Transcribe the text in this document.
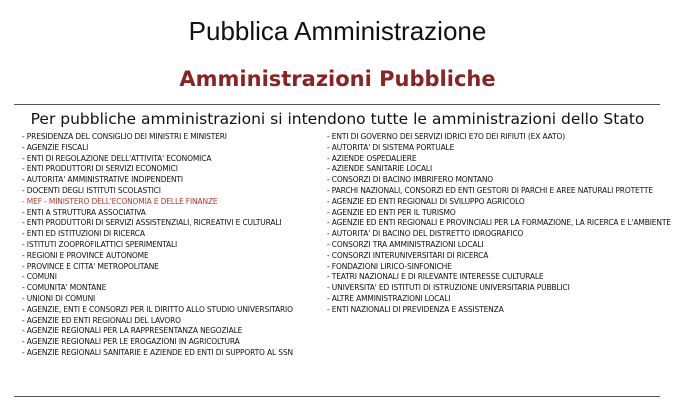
Pubblica Amministrazione
Amministrazioni Pubbliche
Per pubbliche amministrazioni si intendono tutte le amministrazioni dello Stato
- PRESIDENZA DEL CONSIGLIO DEI MINISTRI E MINISTERI
- AGENZIE FISCALI
- ENTI DI REGOLAZIONE DELL'ATTIVITA' ECONOMICA
- ENTI PRODUTTORI DI SERVIZI ECONOMICI
- AUTORITA' AMMINISTRATIVE INDIPENDENTI
- DOCENTI DEGLI ISTITUTI SCOLASTICI
- MEF - MINISTERO DELL'ECONOMIA E DELLE FINANZE
- ENTI A STRUTTURA ASSOCIATIVA
- ENTI PRODUTTORI DI SERVIZI ASSISTENZIALI, RICREATIVI E CULTURALI
- ENTI ED ISTITUZIONI DI RICERCA
- ISTITUTI ZOOPROFILATTICI SPERIMENTALI
- REGIONI E PROVINCE AUTONOME
- PROVINCE E CITTA' METROPOLITANE
- COMUNI
- COMUNITA' MONTANE
- UNIONI DI COMUNI
- AGENZIE, ENTI E CONSORZI PER IL DIRITTO ALLO STUDIO UNIVERSITARIO
- AGENZIE ED ENTI REGIONALI DEL LAVORO
- AGENZIE REGIONALI PER LA RAPPRESENTANZA NEGOZIALE
- AGENZIE REGIONALI PER LE EROGAZIONI IN AGRICOLTURA
- AGENZIE REGIONALI SANITARIE E AZIENDE ED ENTI DI SUPPORTO AL SSN
- ENTI DI GOVERNO DEI SERVIZI IDRICI E7O DEI RIFIUTI (EX AATO)
- AUTORITA' DI SISTEMA PORTUALE
- AZIENDE OSPEDALIERE
- AZIENDE SANITARIE LOCALI
- CONSORZI DI BACINO IMBRIFERO MONTANO
- PARCHI NAZIONALI, CONSORZI ED ENTI GESTORI DI PARCHI E AREE NATURALI PROTETTE
- AGENZIE ED ENTI REGIONALI DI SVILUPPO AGRICOLO
- AGENZIE ED ENTI PER IL TURISMO
- AGENZIE ED ENTI REGIONALI E PROVINCIALI PER LA FORMAZIONE, LA RICERCA E L'AMBIENTE
- AUTORITA' DI BACINO DEL DISTRETTO IDROGRAFICO
- CONSORZI TRA AMMINISTRAZIONI LOCALI
- CONSORZI INTERUNIVERSITARI DI RICERCA
- FONDAZIONI LIRICO-SINFONICHE
- TEATRI NAZIONALI E DI RILEVANTE INTERESSE CULTURALE
- UNIVERSITA' ED ISTITUTI DI ISTRUZIONE UNIVERSITARIA PUBBLICI
- ALTRE AMMINISTRAZIONI LOCALI
- ENTI NAZIONALI DI PREVIDENZA E ASSISTENZA
